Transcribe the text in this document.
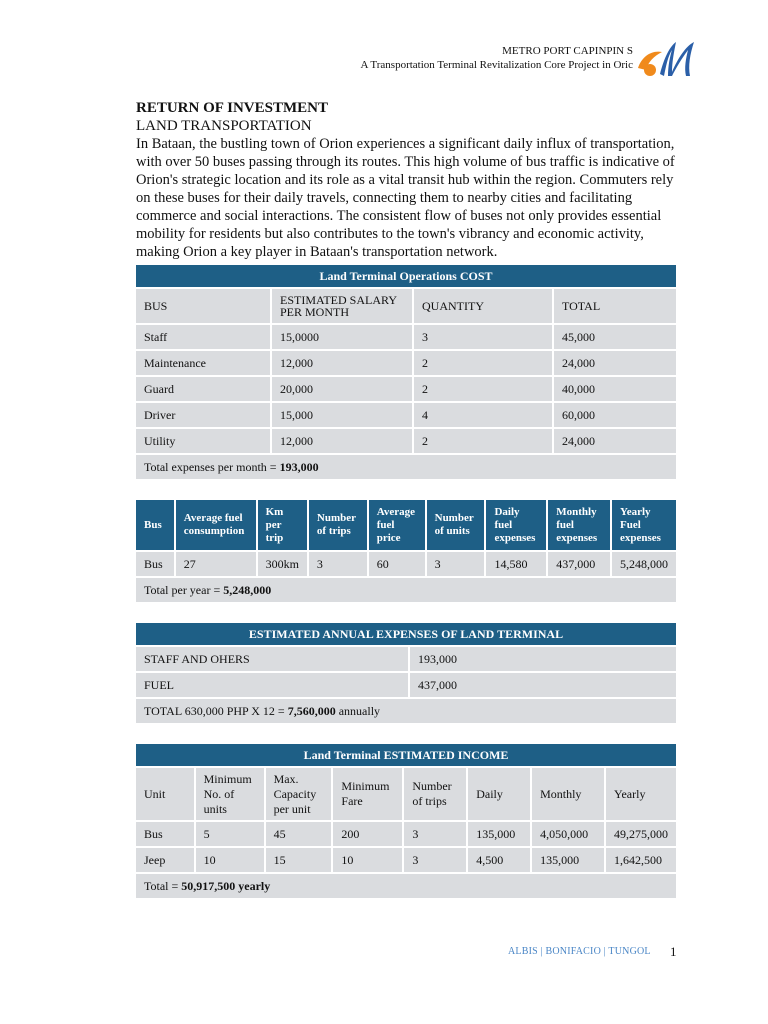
METRO PORT CAPINPIN S
A Transportation Terminal Revitalization Core Project in Oric

RETURN OF INVESTMENT

LAND TRANSPORTATION

In Bataan, the bustling town of Orion experiences a significant daily influx of transportation, with over 50 buses passing through its routes. This high volume of bus traffic is indicative of Orion's strategic location and its role as a vital transit hub within the region. Commuters rely on these buses for their daily travels, connecting them to nearby cities and facilitating commerce and social interactions. The consistent flow of buses not only provides essential mobility for residents but also contributes to the town's vibrancy and economic activity, making Orion a key player in Bataan's transportation network.

Land Terminal Operations COST			
BUS	ESTIMATED SALARY PER MONTH	QUANTITY	TOTAL
Staff	15,0000	3	45,000
Maintenance	12,000	2	24,000
Guard	20,000	2	40,000
Driver	15,000	4	60,000
Utility	12,000	2	24,000
Total expenses per month = 193,000			
Bus	Average fuel consumption	Km per trip	Number of trips	Average fuel price	Number of units	Daily fuel expenses	Monthly fuel expenses	Yearly Fuel expenses
Bus	27	300km	3	60	3	14,580	437,000	5,248,000
Total per year = 5,248,000								
ESTIMATED ANNUAL EXPENSES OF LAND TERMINAL	
STAFF AND OHERS	193,000
FUEL	437,000
TOTAL 630,000 PHP X 12 = 7,560,000 annually	
Land Terminal ESTIMATED INCOME							
Unit	Minimum No. of units	Max. Capacity per unit	Minimum Fare	Number of trips	Daily	Monthly	Yearly
Bus	5	45	200	3	135,000	4,050,000	49,275,000
Jeep	10	15	10	3	4,500	135,000	1,642,500
Total = 50,917,500 yearly							
ALBIS | BONIFACIO | TUNGOL 1
